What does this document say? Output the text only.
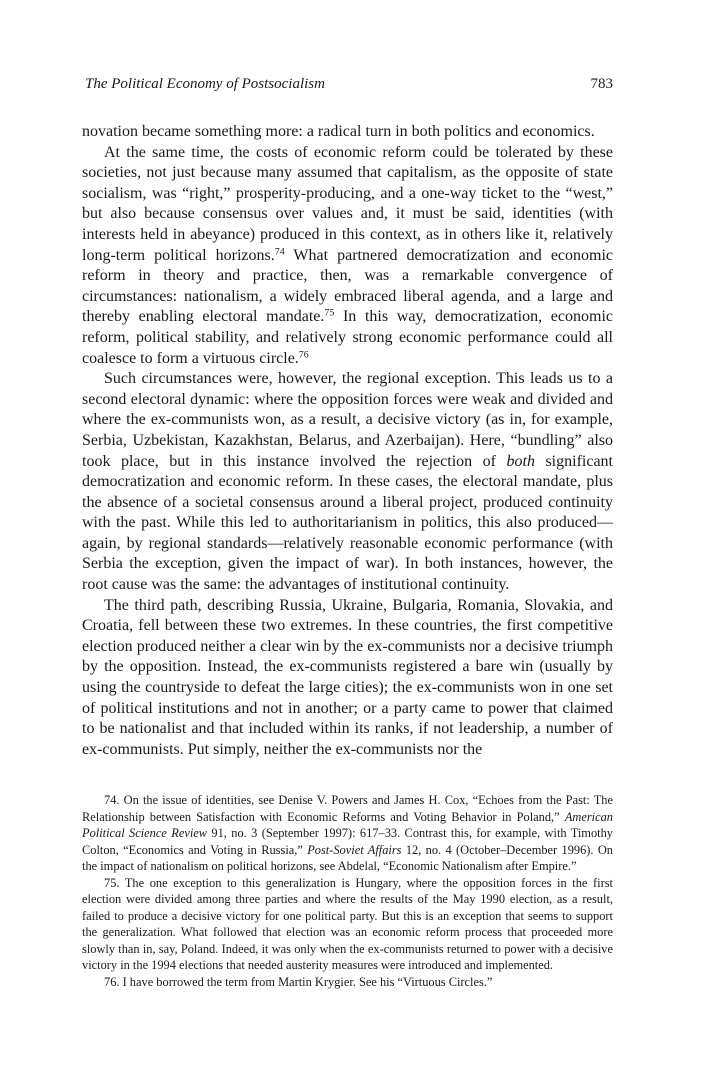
The Political Economy of Postsocialism	783

novation became something more: a radical turn in both politics and economics.

At the same time, the costs of economic reform could be tolerated by these societies, not just because many assumed that capitalism, as the opposite of state socialism, was “right,” prosperity-producing, and a one-way ticket to the “west,” but also because consensus over values and, it must be said, identities (with interests held in abeyance) produced in this context, as in others like it, relatively long-term political horizons.$^{74}$ What partnered democratization and economic reform in theory and practice, then, was a remarkable convergence of circumstances: nationalism, a widely embraced liberal agenda, and a large and thereby enabling electoral mandate.$^{75}$ In this way, democratization, economic reform, political stability, and relatively strong economic performance could all coalesce to form a virtuous circle.$^{76}$

Such circumstances were, however, the regional exception. This leads us to a second electoral dynamic: where the opposition forces were weak and divided and where the ex-communists won, as a result, a decisive victory (as in, for example, Serbia, Uzbekistan, Kazakhstan, Belarus, and Azerbaijan). Here, “bundling” also took place, but in this instance involved the rejection of both significant democratization and economic reform. In these cases, the electoral mandate, plus the absence of a societal consensus around a liberal project, produced continuity with the past. While this led to authoritarianism in politics, this also produced—again, by regional standards—relatively reasonable economic performance (with Serbia the exception, given the impact of war). In both instances, however, the root cause was the same: the advantages of institutional continuity.

The third path, describing Russia, Ukraine, Bulgaria, Romania, Slovakia, and Croatia, fell between these two extremes. In these countries, the first competitive election produced neither a clear win by the ex-communists nor a decisive triumph by the opposition. Instead, the ex-communists registered a bare win (usually by using the countryside to defeat the large cities); the ex-communists won in one set of political institutions and not in another; or a party came to power that claimed to be nationalist and that included within its ranks, if not leadership, a number of ex-communists. Put simply, neither the ex-communists nor the

74. On the issue of identities, see Denise V. Powers and James H. Cox, “Echoes from the Past: The Relationship between Satisfaction with Economic Reforms and Voting Behavior in Poland,” American Political Science Review 91, no. 3 (September 1997): 617–33. Contrast this, for example, with Timothy Colton, “Economics and Voting in Russia,” Post-Soviet Affairs 12, no. 4 (October–December 1996). On the impact of nationalism on political horizons, see Abdelal, “Economic Nationalism after Empire.”

75. The one exception to this generalization is Hungary, where the opposition forces in the first election were divided among three parties and where the results of the May 1990 election, as a result, failed to produce a decisive victory for one political party. But this is an exception that seems to support the generalization. What followed that election was an economic reform process that proceeded more slowly than in, say, Poland. Indeed, it was only when the ex-communists returned to power with a decisive victory in the 1994 elections that needed austerity measures were introduced and implemented.

76. I have borrowed the term from Martin Krygier. See his “Virtuous Circles.”
